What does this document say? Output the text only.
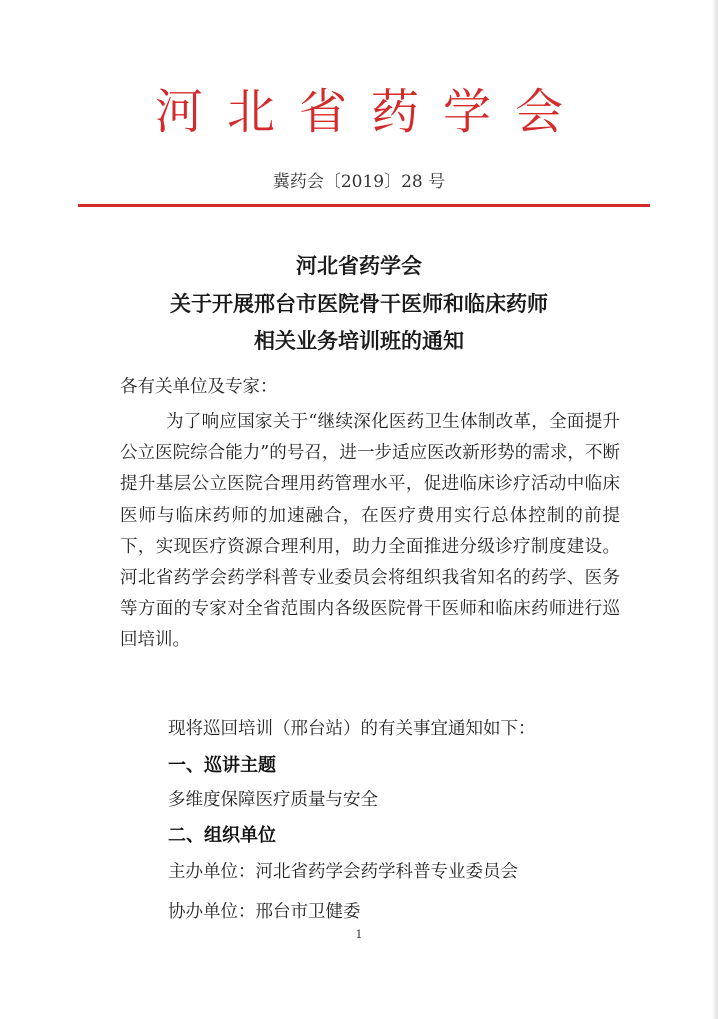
河北省药学会
冀药会〔2019〕28 号
河北省药学会
关于开展邢台市医院骨干医师和临床药师
相关业务培训班的通知

各有关单位及专家：

为了响应国家关于“继续深化医药卫生体制改革，全面提升公立医院综合能力”的号召，进一步适应医改新形势的需求，不断提升基层公立医院合理用药管理水平，促进临床诊疗活动中临床医师与临床药师的加速融合，在医疗费用实行总体控制的前提下，实现医疗资源合理利用，助力全面推进分级诊疗制度建设。河北省药学会药学科普专业委员会将组织我省知名的药学、医务等方面的专家对全省范围内各级医院骨干医师和临床药师进行巡回培训。

现将巡回培训（邢台站）的有关事宜通知如下：

一、巡讲主题
多维度保障医疗质量与安全
二、组织单位
主办单位：河北省药学会药学科普专业委员会
协办单位：邢台市卫健委
1
